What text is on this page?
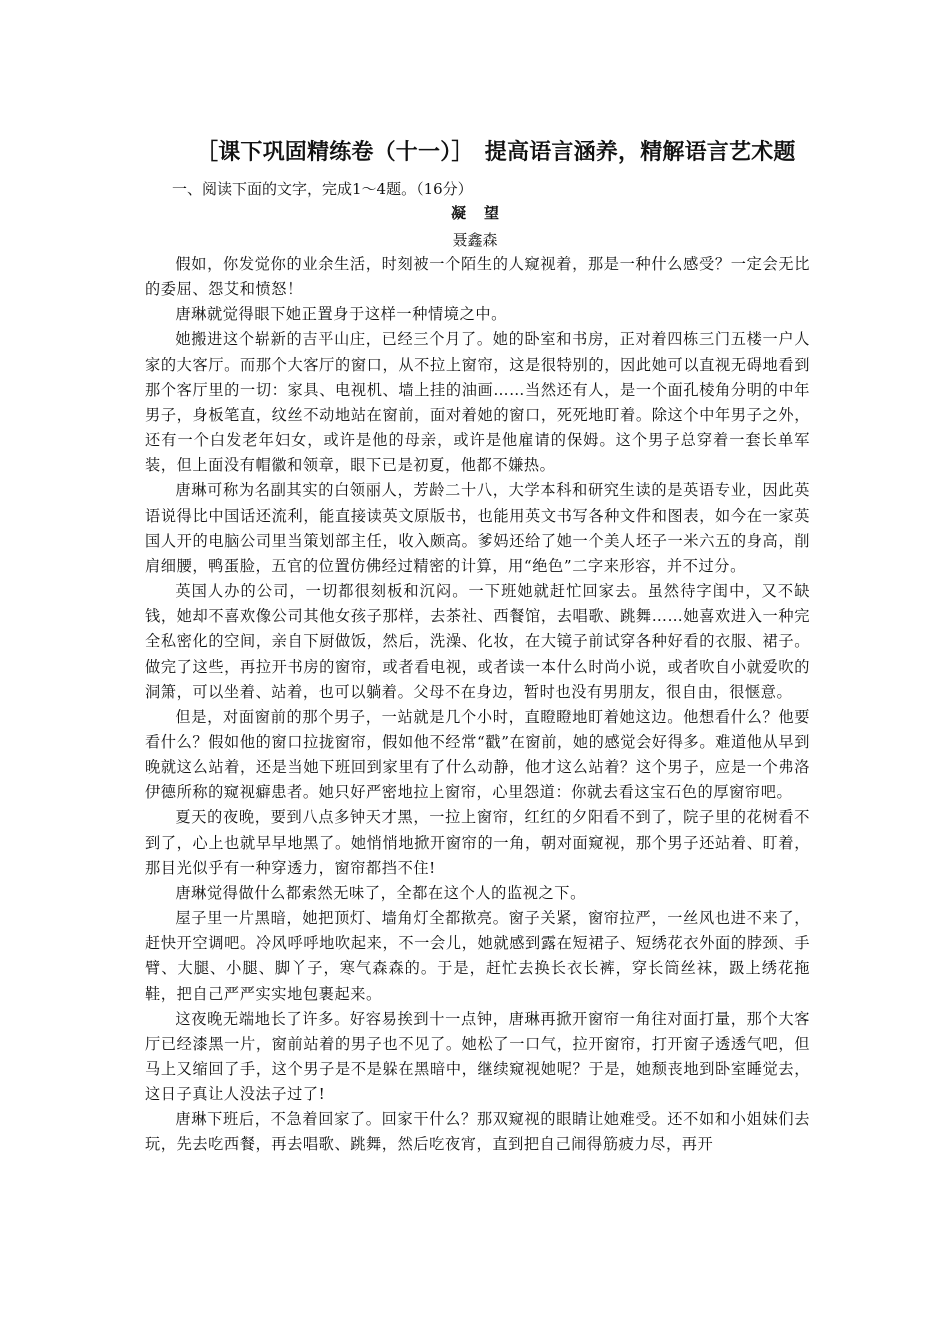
［课下巩固精练卷（十一）］　提高语言涵养，精解语言艺术题
一、阅读下面的文字，完成1～4题。（16分）
凝望
聂鑫森

假如，你发觉你的业余生活，时刻被一个陌生的人窥视着，那是一种什么感受？一定会无比的委屈、怨艾和愤怒！

唐琳就觉得眼下她正置身于这样一种情境之中。

她搬进这个崭新的吉平山庄，已经三个月了。她的卧室和书房，正对着四栋三门五楼一户人家的大客厅。而那个大客厅的窗口，从不拉上窗帘，这是很特别的，因此她可以直视无碍地看到那个客厅里的一切：家具、电视机、墙上挂的油画……当然还有人，是一个面孔棱角分明的中年男子，身板笔直，纹丝不动地站在窗前，面对着她的窗口，死死地盯着。除这个中年男子之外，还有一个白发老年妇女，或许是他的母亲，或许是他雇请的保姆。这个男子总穿着一套长单军装，但上面没有帽徽和领章，眼下已是初夏，他都不嫌热。

唐琳可称为名副其实的白领丽人，芳龄二十八，大学本科和研究生读的是英语专业，因此英语说得比中国话还流利，能直接读英文原版书，也能用英文书写各种文件和图表，如今在一家英国人开的电脑公司里当策划部主任，收入颇高。爹妈还给了她一个美人坯子一米六五的身高，削肩细腰，鸭蛋脸，五官的位置仿佛经过精密的计算，用“绝色”二字来形容，并不过分。

英国人办的公司，一切都很刻板和沉闷。一下班她就赶忙回家去。虽然待字闺中，又不缺钱，她却不喜欢像公司其他女孩子那样，去茶社、西餐馆，去唱歌、跳舞……她喜欢进入一种完全私密化的空间，亲自下厨做饭，然后，洗澡、化妆，在大镜子前试穿各种好看的衣服、裙子。做完了这些，再拉开书房的窗帘，或者看电视，或者读一本什么时尚小说，或者吹自小就爱吹的洞箫，可以坐着、站着，也可以躺着。父母不在身边，暂时也没有男朋友，很自由，很惬意。

但是，对面窗前的那个男子，一站就是几个小时，直瞪瞪地盯着她这边。他想看什么？他要看什么？假如他的窗口拉拢窗帘，假如他不经常“戳”在窗前，她的感觉会好得多。难道他从早到晚就这么站着，还是当她下班回到家里有了什么动静，他才这么站着？这个男子，应是一个弗洛伊德所称的窥视癖患者。她只好严密地拉上窗帘，心里怨道：你就去看这宝石色的厚窗帘吧。

夏天的夜晚，要到八点多钟天才黑，一拉上窗帘，红红的夕阳看不到了，院子里的花树看不到了，心上也就早早地黑了。她悄悄地掀开窗帘的一角，朝对面窥视，那个男子还站着、盯着，那目光似乎有一种穿透力，窗帘都挡不住!

唐琳觉得做什么都索然无味了，全都在这个人的监视之下。

屋子里一片黑暗，她把顶灯、墙角灯全都揿亮。窗子关紧，窗帘拉严，一丝风也进不来了，赶快开空调吧。冷风呼呼地吹起来，不一会儿，她就感到露在短裙子、短绣花衣外面的脖颈、手臂、大腿、小腿、脚丫子，寒气森森的。于是，赶忙去换长衣长裤，穿长筒丝袜，趿上绣花拖鞋，把自己严严实实地包裹起来。

这夜晚无端地长了许多。好容易挨到十一点钟，唐琳再掀开窗帘一角往对面打量，那个大客厅已经漆黑一片，窗前站着的男子也不见了。她松了一口气，拉开窗帘，打开窗子透透气吧，但马上又缩回了手，这个男子是不是躲在黑暗中，继续窥视她呢？于是，她颓丧地到卧室睡觉去，这日子真让人没法子过了!

唐琳下班后，不急着回家了。回家干什么？那双窥视的眼睛让她难受。还不如和小姐妹们去玩，先去吃西餐，再去唱歌、跳舞，然后吃夜宵，直到把自己闹得筋疲力尽，再开
